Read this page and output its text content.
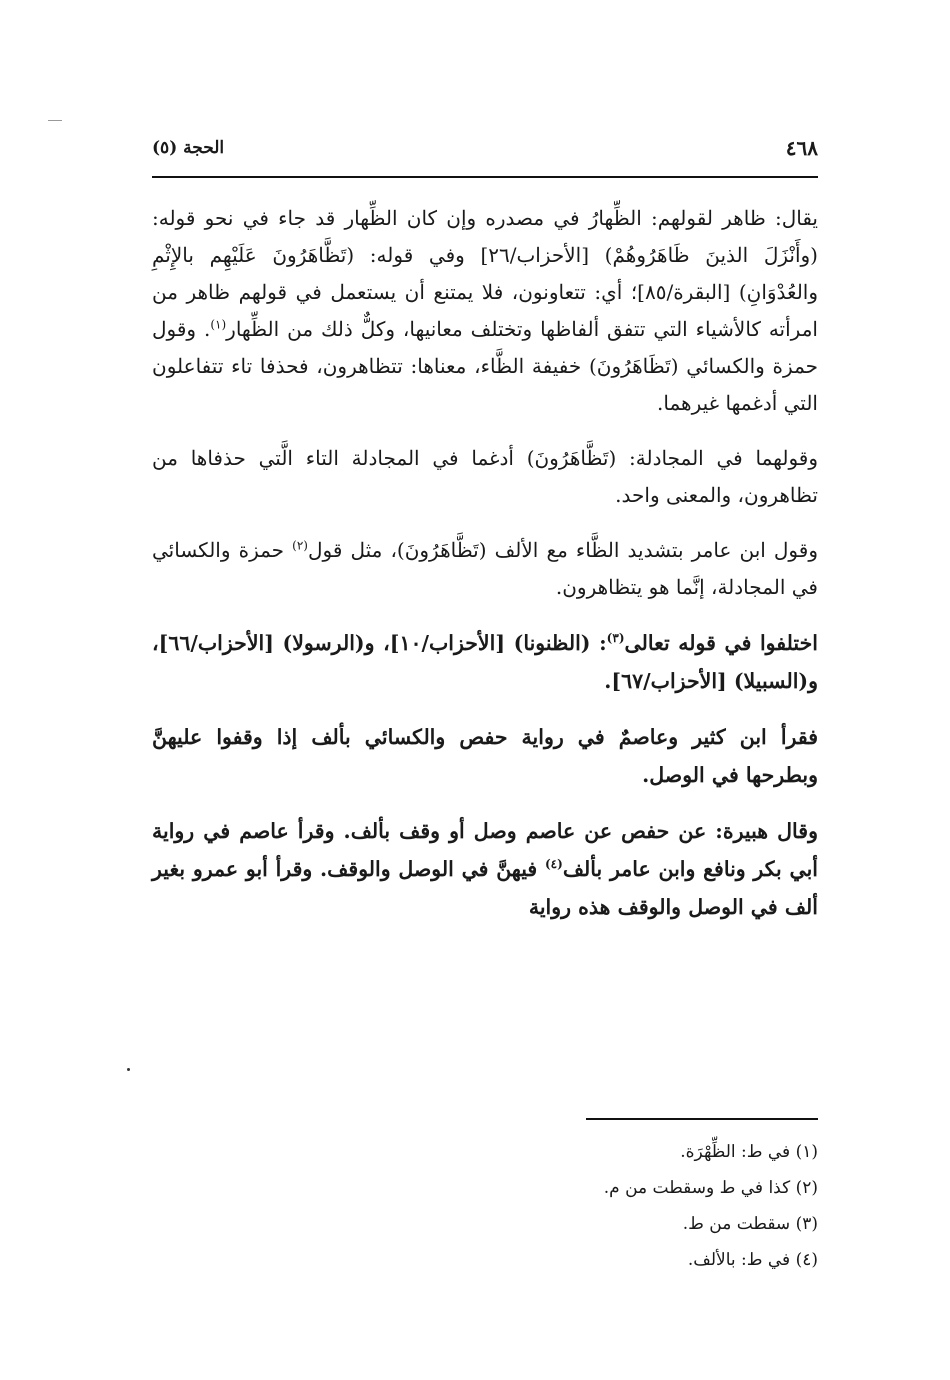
الحجة (٥)	٤٦٨

يقال: ظاهر لقولهم: الظِّهارُ في مصدره وإن كان الظِّهار قد جاء في نحو قوله: (وأَنْزَلَ الذينَ ظَاهَرُوهُمْ) [الأحزاب/٢٦] وفي قوله: (تَظَّاهَرُونَ عَلَيْهِم بالإِثْمِ والعُدْوَانِ) [البقرة/٨٥]؛ أي: تتعاونون، فلا يمتنع أن يستعمل في قولهم ظاهر من امرأته كالأشياء التي تتفق ألفاظها وتختلف معانيها، وكلٌّ ذلك من الظِّهار$^{(١)}$. وقول حمزة والكسائي (تَظَاهَرُونَ) خفيفة الظَّاء، معناها: تتظاهرون، فحذفا تاء تتفاعلون التي أدغمها غيرهما.

وقولهما في المجادلة: (تَظَّاهَرُونَ) أدغما في المجادلة التاء الَّتي حذفاها من تظاهرون، والمعنى واحد.

وقول ابن عامر بتشديد الظَّاء مع الألف (تَظَّاهَرُونَ)، مثل قول$^{(٢)}$ حمزة والكسائي في المجادلة، إنَّما هو يتظاهرون.

اختلفوا في قوله تعالى$^{(٣)}$: (الظنونا) [الأحزاب/١٠]، و(الرسولا) [الأحزاب/٦٦]، و(السبيلا) [الأحزاب/٦٧].

فقرأ ابن كثير وعاصمٌ في رواية حفص والكسائي بألف إذا وقفوا عليهنَّ وبطرحها في الوصل.

وقال هبيرة: عن حفص عن عاصم وصل أو وقف بألف. وقرأ عاصم في رواية أبي بكر ونافع وابن عامر بألف$^{(٤)}$ فيهنَّ في الوصل والوقف. وقرأ أبو عمرو بغير ألف في الوصل والوقف هذه رواية

(١) في ط: الظِّهْرَة.
(٢) كذا في ط وسقطت من م.
(٣) سقطت من ط.
(٤) في ط: بالألف.
